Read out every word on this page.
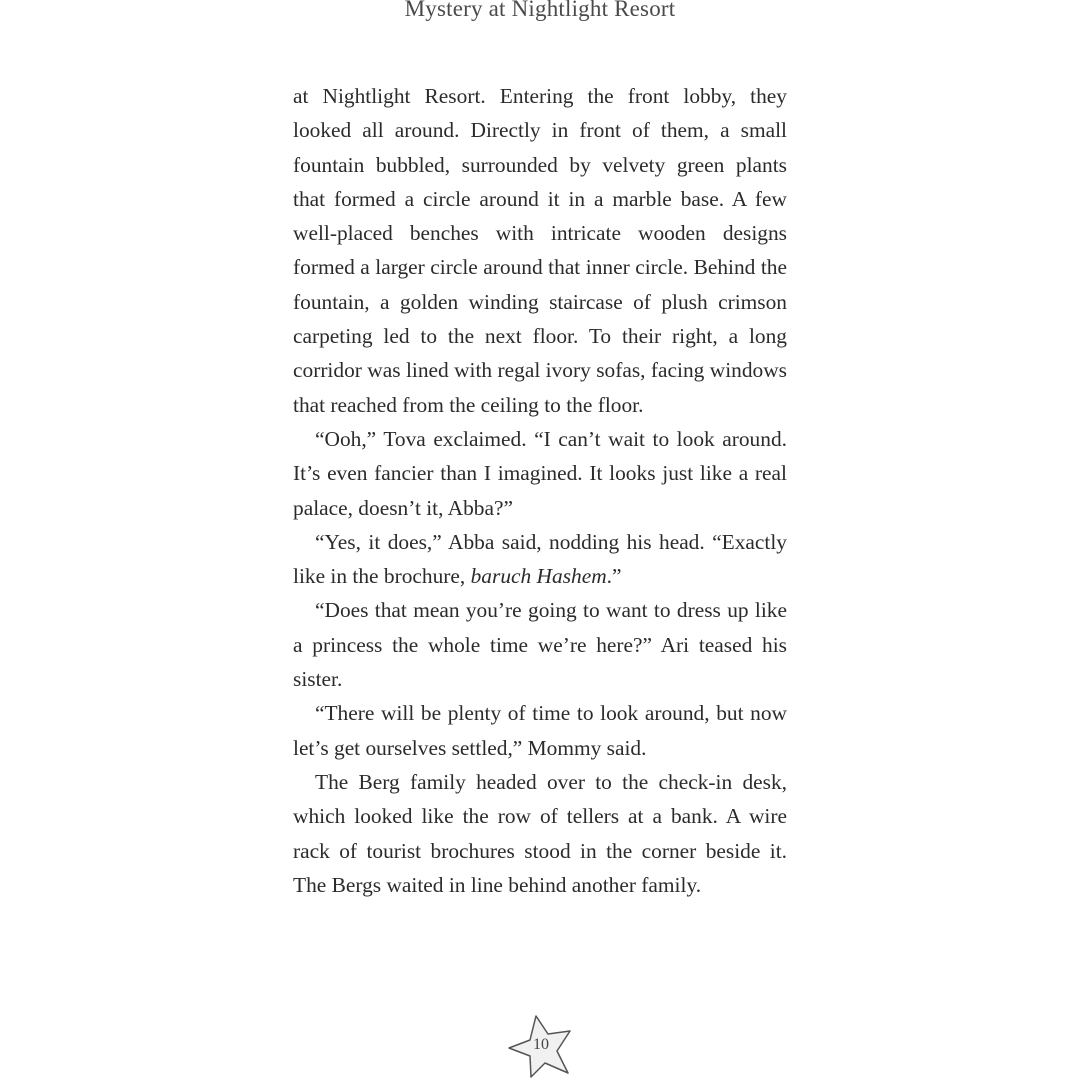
Mystery at Nightlight Resort

at Nightlight Resort. Entering the front lobby, they looked all around. Directly in front of them, a small fountain bubbled, surrounded by velvety green plants that formed a circle around it in a marble base. A few well-placed benches with intricate wooden designs formed a larger circle around that inner circle. Behind the fountain, a golden winding staircase of plush crimson carpeting led to the next floor. To their right, a long corridor was lined with regal ivory sofas, facing windows that reached from the ceiling to the floor.

“Ooh,” Tova exclaimed. “I can’t wait to look around. It’s even fancier than I imagined. It looks just like a real palace, doesn’t it, Abba?”

“Yes, it does,” Abba said, nodding his head. “Exactly like in the brochure, baruch Hashem.”

“Does that mean you’re going to want to dress up like a princess the whole time we’re here?” Ari teased his sister.

“There will be plenty of time to look around, but now let’s get ourselves settled,” Mommy said.

The Berg family headed over to the check-in desk, which looked like the row of tellers at a bank. A wire rack of tourist brochures stood in the corner beside it. The Bergs waited in line behind another family.

10
